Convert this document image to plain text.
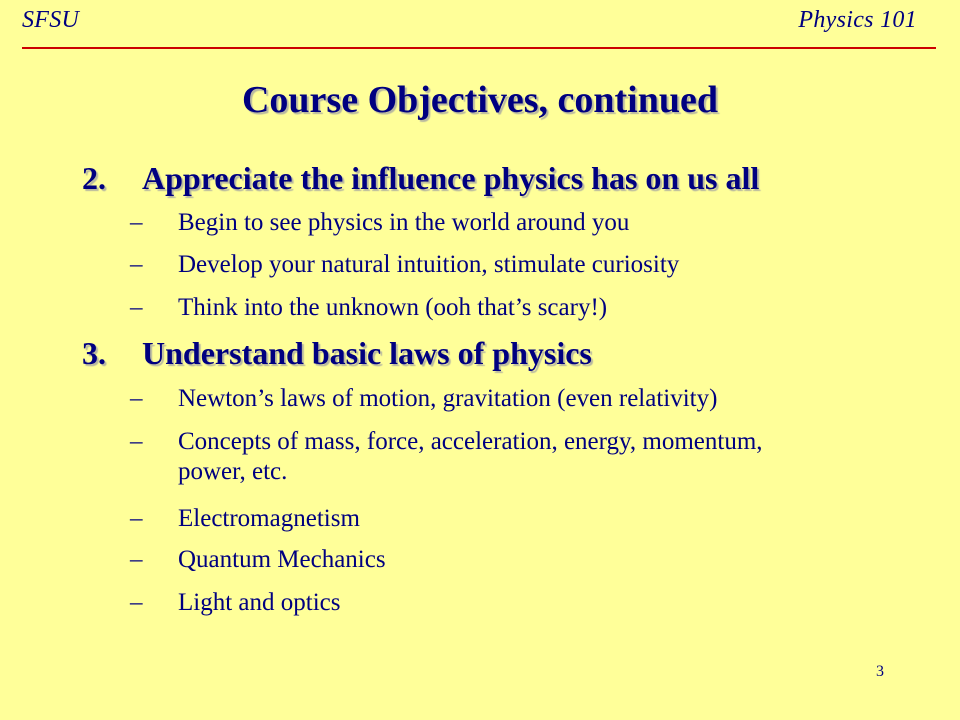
SFSU	Physics 101
Course Objectives, continued
2. Appreciate the influence physics has on us all
–	Begin to see physics in the world around you
–	Develop your natural intuition, stimulate curiosity
–	Think into the unknown (ooh that’s scary!)
3. Understand basic laws of physics
–	Newton’s laws of motion, gravitation (even relativity)
–	Concepts of mass, force, acceleration, energy, momentum, power, etc.
–	Electromagnetism
–	Quantum Mechanics
–	Light and optics
3
